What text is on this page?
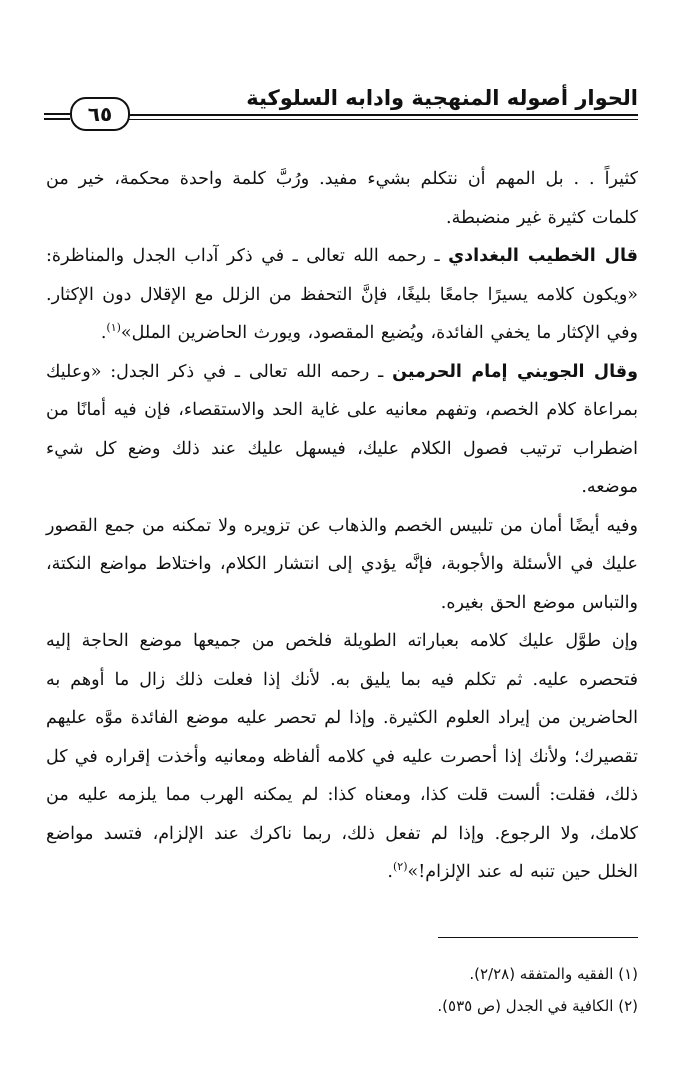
الحوار أصوله المنهجية وادابه السلوكية
٦٥

كثيراً . . بل المهم أن نتكلم بشيء مفيد. ورُبَّ كلمة واحدة محكمة، خير من كلمات كثيرة غير منضبطة.

قال الخطيب البغدادي ـ رحمه الله تعالى ـ في ذكر آداب الجدل والمناظرة: «ويكون كلامه يسيرًا جامعًا بليغًا، فإنَّ التحفظ من الزلل مع الإقلال دون الإكثار. وفي الإكثار ما يخفي الفائدة، ويُضيع المقصود، ويورث الحاضرين الملل»$^{(١)}$.

وقال الجويني إمام الحرمين ـ رحمه الله تعالى ـ في ذكر الجدل: «وعليك بمراعاة كلام الخصم، وتفهم معانيه على غاية الحد والاستقصاء، فإن فيه أمانًا من اضطراب ترتيب فصول الكلام عليك، فيسهل عليك عند ذلك وضع كل شيء موضعه.

وفيه أيضًا أمان من تلبيس الخصم والذهاب عن تزويره ولا تمكنه من جمع القصور عليك في الأسئلة والأجوبة، فإنَّه يؤدي إلى انتشار الكلام، واختلاط مواضع النكتة، والتباس موضع الحق بغيره.

وإن طوَّل عليك كلامه بعباراته الطويلة فلخص من جميعها موضع الحاجة إليه فتحصره عليه. ثم تكلم فيه بما يليق به. لأنك إذا فعلت ذلك زال ما أوهم به الحاضرين من إيراد العلوم الكثيرة. وإذا لم تحصر عليه موضع الفائدة موَّه عليهم تقصيرك؛ ولأنك إذا أحصرت عليه في كلامه ألفاظه ومعانيه وأخذت إقراره في كل ذلك، فقلت: ألست قلت كذا، ومعناه كذا: لم يمكنه الهرب مما يلزمه عليه من كلامك، ولا الرجوع. وإذا لم تفعل ذلك، ربما ناكرك عند الإلزام، فتسد مواضع الخلل حين تنبه له عند الإلزام!»$^{(٢)}$.

(١) الفقيه والمتفقه (٢/٢٨).
(٢) الكافية في الجدل (ص ٥٣٥).
